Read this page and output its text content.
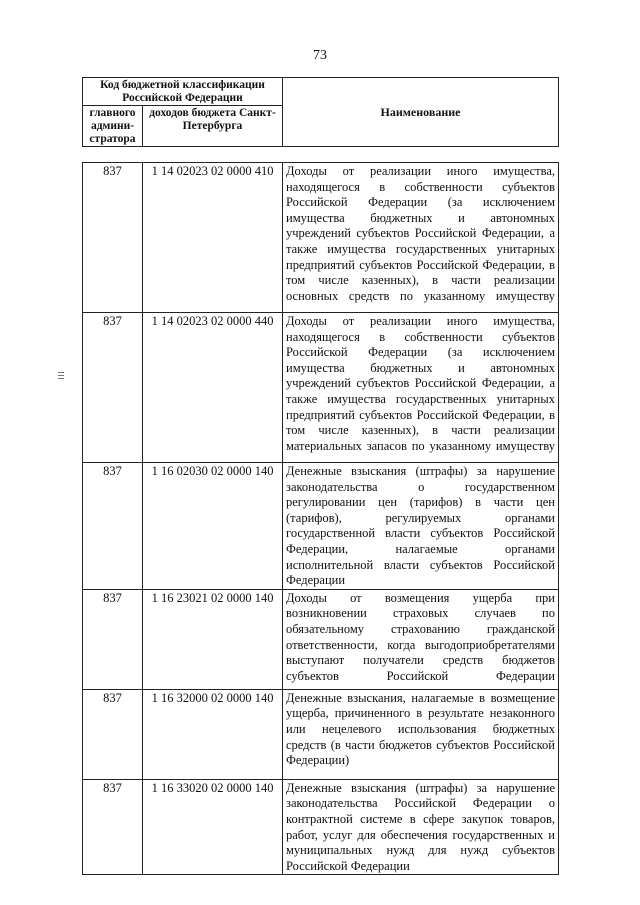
73
Код бюджетной классификации Российской Федерации		Наименование
главного админи-стратора	доходов бюджета Санкт-Петербурга	
837	1 14 02023 02 0000 410	Доходы от реализации иного имущества, находящегося в собственности субъектов Российской Федерации (за исключением имущества бюджетных и автономных учреждений субъектов Российской Федерации, а также имущества государственных унитарных предприятий субъектов Российской Федерации, в том числе казенных), в части реализации основных средств по указанному имуществу

837	1 14 02023 02 0000 440	Доходы от реализации иного имущества, находящегося в собственности субъектов Российской Федерации (за исключением имущества бюджетных и автономных учреждений субъектов Российской Федерации, а также имущества государственных унитарных предприятий субъектов Российской Федерации, в том числе казенных), в части реализации материальных запасов по указанному имуществу

837	1 16 02030 02 0000 140	Денежные взыскания (штрафы) за нарушение законодательства о государственном регулировании цен (тарифов) в части цен (тарифов), регулируемых органами государственной власти субъектов Российской Федерации, налагаемые органами исполнительной власти субъектов Российской Федерации

837	1 16 23021 02 0000 140	Доходы от возмещения ущерба при возникновении страховых случаев по обязательному страхованию гражданской ответственности, когда выгодоприобретателями выступают получатели средств бюджетов субъектов Российской Федерации

837	1 16 32000 02 0000 140	Денежные взыскания, налагаемые в возмещение ущерба, причиненного в результате незаконного или нецелевого использования бюджетных средств (в части бюджетов субъектов Российской Федерации)

837	1 16 33020 02 0000 140	Денежные взыскания (штрафы) за нарушение законодательства Российской Федерации о контрактной системе в сфере закупок товаров, работ, услуг для обеспечения государственных и муниципальных нужд для нужд субъектов Российской Федерации
